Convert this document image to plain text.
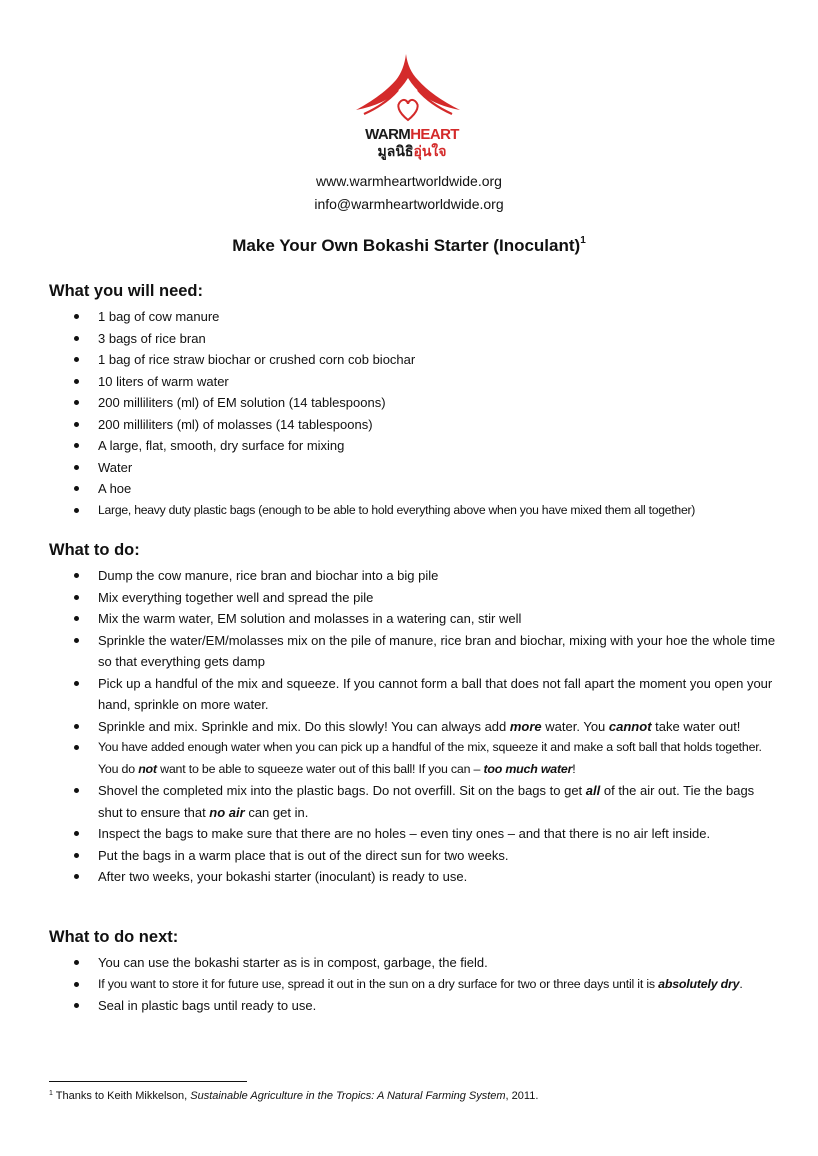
WARMHEART
มูลนิธิอุ่นใจ
www.warmheartworldwide.org
info@warmheartworldwide.org
Make Your Own Bokashi Starter (Inoculant)$^1$
What you will need:
1 bag of cow manure
3 bags of rice bran
1 bag of rice straw biochar or crushed corn cob biochar
10 liters of warm water
200 milliliters (ml) of EM solution (14 tablespoons)
200 milliliters (ml) of molasses (14 tablespoons)
A large, flat, smooth, dry surface for mixing
Water
A hoe
Large, heavy duty plastic bags (enough to be able to hold everything above when you have mixed them all together)
What to do:
Dump the cow manure, rice bran and biochar into a big pile
Mix everything together well and spread the pile
Mix the warm water, EM solution and molasses in a watering can, stir well
Sprinkle the water/EM/molasses mix on the pile of manure, rice bran and biochar, mixing with your hoe the whole time so that everything gets damp
Pick up a handful of the mix and squeeze. If you cannot form a ball that does not fall apart the moment you open your hand, sprinkle on more water.
Sprinkle and mix. Sprinkle and mix. Do this slowly! You can always add more water. You cannot take water out!
You have added enough water when you can pick up a handful of the mix, squeeze it and make a soft ball that holds together. You do not want to be able to squeeze water out of this ball! If you can – too much water!
Shovel the completed mix into the plastic bags. Do not overfill. Sit on the bags to get all of the air out. Tie the bags shut to ensure that no air can get in.
Inspect the bags to make sure that there are no holes – even tiny ones – and that there is no air left inside.
Put the bags in a warm place that is out of the direct sun for two weeks.
After two weeks, your bokashi starter (inoculant) is ready to use.
What to do next:
You can use the bokashi starter as is in compost, garbage, the field.
If you want to store it for future use, spread it out in the sun on a dry surface for two or three days until it is absolutely dry.
Seal in plastic bags until ready to use.
$^1$ Thanks to Keith Mikkelson, Sustainable Agriculture in the Tropics: A Natural Farming System, 2011.
